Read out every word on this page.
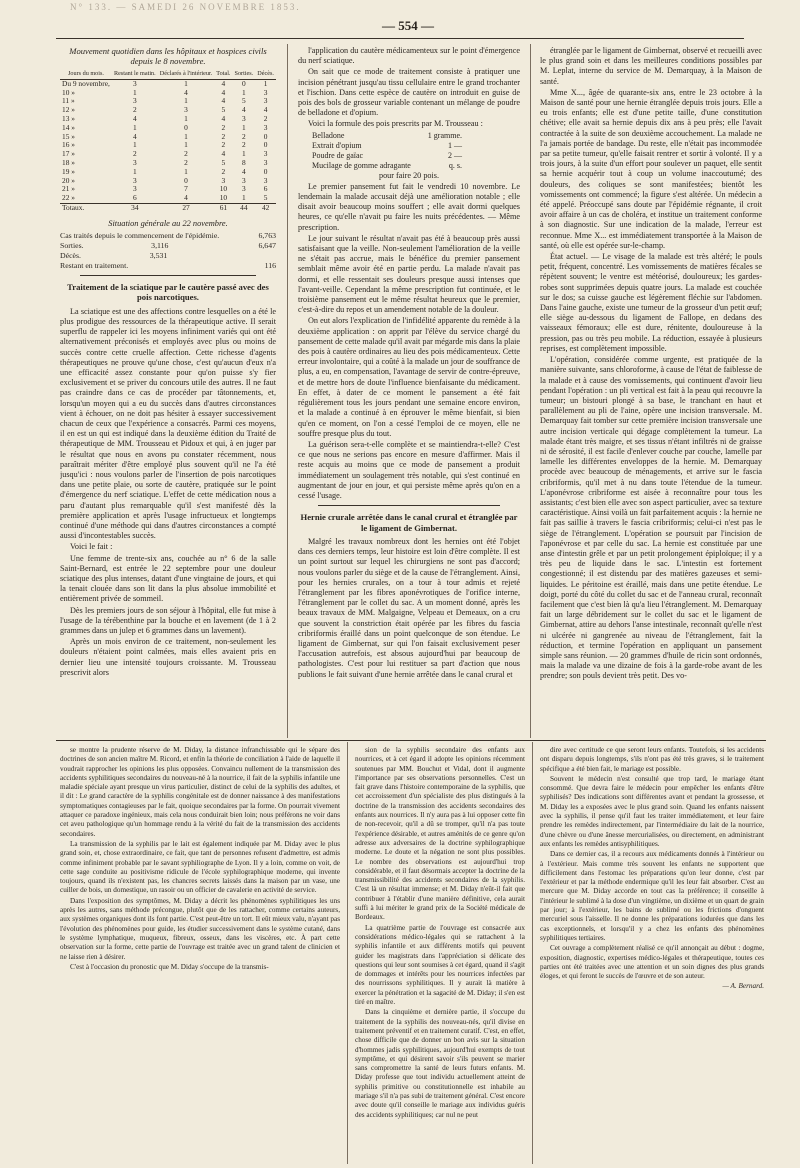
N° 133. — SAMEDI 26 NOVEMBRE 1853.
— 554 —
Mouvement quotidien dans les hôpitaux et hospices civils depuis le 8 novembre.
Jours du mois.	Restant le matin.	Déclarés à l'intérieur.	Total.	Sorties.	Décès.
Du 9 novembre,	3	1	4	0	1
10 »	1	4	4	1	3
11 »	3	1	4	5	3
12 »	2	3	5	4	4
13 »	4	1	4	3	2
14 »	1	0	2	1	3
15 »	4	1	2	2	0
16 »	1	1	2	2	0
17 »	2	2	4	1	3
18 »	3	2	5	8	3
19 »	1	1	2	4	0
20 »	3	0	3	3	3
21 »	3	7	10	3	6
22 »	6	4	10	1	5
Totaux.	34	27	61	44	42
Situation générale au 22 novembre.
Cas traités depuis le commencement de l'épidémie.	6,763
Sorties.	3,116	6,647
Décès.	3,531
Restant en traitement.	116
Traitement de la sciatique par le cautère passé avec des pois narcotiques.

La sciatique est une des affections contre lesquelles on a été le plus prodigue des ressources de la thérapeutique active. Il serait superflu de rappeler ici les moyens infiniment variés qui ont été alternativement préconisés et employés avec plus ou moins de succès contre cette cruelle affection. Cette richesse d'agents thérapeutiques ne prouve qu'une chose, c'est qu'aucun d'eux n'a une efficacité assez constante pour qu'on puisse s'y fier exclusivement et se priver du concours utile des autres. Il ne faut pas craindre dans ce cas de procéder par tâtonnements, et, lorsqu'un moyen qui a eu du succès dans d'autres circonstances vient à échouer, on ne doit pas hésiter à essayer successivement chacun de ceux que l'expérience a consacrés. Parmi ces moyens, il en est un qui est indiqué dans la deuxième édition du Traité de thérapeutique de MM. Trousseau et Pidoux et qui, à en juger par le résultat que nous en avons pu constater récemment, nous paraîtrait mériter d'être employé plus souvent qu'il ne l'a été jusqu'ici : nous voulons parler de l'insertion de pois narcotiques dans une petite plaie, ou sorte de cautère, pratiquée sur le point d'émergence du nerf sciatique. L'effet de cette médication nous a paru d'autant plus remarquable qu'il s'est manifesté dès la première application et après l'usage infructueux et longtemps continué d'une méthode qui dans d'autres circonstances a compté aussi d'incontestables succès.

Voici le fait :

Une femme de trente-six ans, couchée au n° 6 de la salle Saint-Bernard, est entrée le 22 septembre pour une douleur sciatique des plus intenses, datant d'une vingtaine de jours, et qui la tenait clouée dans son lit dans la plus absolue immobilité et entièrement privée de sommeil.

Dès les premiers jours de son séjour à l'hôpital, elle fut mise à l'usage de la térébenthine par la bouche et en lavement (de 1 à 2 grammes dans un julep et 6 grammes dans un lavement).

Après un mois environ de ce traitement, non-seulement les douleurs n'étaient point calmées, mais elles avaient pris en dernier lieu une intensité toujours croissante. M. Trousseau prescrivit alors

l'application du cautère médicamenteux sur le point d'émergence du nerf sciatique.

On sait que ce mode de traitement consiste à pratiquer une incision pénétrant jusqu'au tissu cellulaire entre le grand trochanter et l'ischion. Dans cette espèce de cautère on introduit en guise de pois des bols de grosseur variable contenant un mélange de poudre de belladone et d'opium.

Voici la formule des pois prescrits par M. Trousseau :

Belladone	1 gramme.
Extrait d'opium	1 —
Poudre de gaïac	2 —
Mucilage de gomme adragante	q. s.

pour faire 20 pois.

Le premier pansement fut fait le vendredi 10 novembre. Le lendemain la malade accusait déjà une amélioration notable ; elle disait avoir beaucoup moins souffert ; elle avait dormi quelques heures, ce qu'elle n'avait pu faire les nuits précédentes. — Même prescription.

Le jour suivant le résultat n'avait pas été à beaucoup près aussi satisfaisant que la veille. Non-seulement l'amélioration de la veille ne s'était pas accrue, mais le bénéfice du premier pansement semblait même avoir été en partie perdu. La malade n'avait pas dormi, et elle ressentait ses douleurs presque aussi intenses que l'avant-veille. Cependant la même prescription fut continuée, et le troisième pansement eut le même résultat heureux que le premier, c'est-à-dire du repos et un amendement notable de la douleur.

On eut alors l'explication de l'infidélité apparente du remède à la deuxième application : on apprit par l'élève du service chargé du pansement de cette malade qu'il avait par mégarde mis dans la plaie des pois à cautère ordinaires au lieu des pois médicamenteux. Cette erreur involontaire, qui a coûté à la malade un jour de souffrance de plus, a eu, en compensation, l'avantage de servir de contre-épreuve, et de mettre hors de doute l'influence bienfaisante du médicament. En effet, à dater de ce moment le pansement a été fait régulièrement tous les jours pendant une semaine encore environ, et la malade a continué à en éprouver le même bienfait, si bien qu'en ce moment, on l'on a cessé l'emploi de ce moyen, elle ne souffre presque plus du tout.

La guérison sera-t-elle complète et se maintiendra-t-elle? C'est ce que nous ne serions pas encore en mesure d'affirmer. Mais il reste acquis au moins que ce mode de pansement a produit immédiatement un soulagement très notable, qui s'est continué en augmentant de jour en jour, et qui persiste même après qu'on en a cessé l'usage.

Hernie crurale arrêtée dans le canal crural et étranglée par le ligament de Gimbernat.

Malgré les travaux nombreux dont les hernies ont été l'objet dans ces derniers temps, leur histoire est loin d'être complète. Il est un point surtout sur lequel les chirurgiens ne sont pas d'accord; nous voulons parler du siège et de la cause de l'étranglement. Ainsi, pour les hernies crurales, on a tour à tour admis et rejeté l'étranglement par les fibres aponévrotiques de l'orifice interne, l'étranglement par le collet du sac. A un moment donné, après les beaux travaux de MM. Malgaigne, Velpeau et Demeaux, on a cru que souvent la constriction était opérée par les fibres du fascia cribriformis éraillé dans un point quelconque de son étendue. Le ligament de Gimbernat, sur qui l'on faisait exclusivement peser l'accusation autrefois, est absous aujourd'hui par beaucoup de pathologistes. C'est pour lui restituer sa part d'action que nous publions le fait suivant d'une hernie arrêtée dans le canal crural et

étranglée par le ligament de Gimbernat, observé et recueilli avec le plus grand soin et dans les meilleures conditions possibles par M. Leplat, interne du service de M. Demarquay, à la Maison de santé.

Mme X..., âgée de quarante-six ans, entre le 23 octobre à la Maison de santé pour une hernie étranglée depuis trois jours. Elle a eu trois enfants; elle est d'une petite taille, d'une constitution chétive; elle avait sa hernie depuis dix ans à peu près; elle l'avait contractée à la suite de son deuxième accouchement. La malade ne l'a jamais portée de bandage. Du reste, elle n'était pas incommodée par sa petite tumeur, qu'elle faisait rentrer et sortir à volonté. Il y a trois jours, à la suite d'un effort pour soulever un paquet, elle sentit sa hernie acquérir tout à coup un volume inaccoutumé; des douleurs, des coliques se sont manifestées; bientôt les vomissements ont commencé; la figure s'est altérée. Un médecin a été appelé. Préoccupé sans doute par l'épidémie régnante, il croit avoir affaire à un cas de choléra, et institue un traitement conforme à son diagnostic. Sur une indication de la malade, l'erreur est reconnue. Mme X... est immédiatement transportée à la Maison de santé, où elle est opérée sur-le-champ.

État actuel. — Le visage de la malade est très altéré; le pouls petit, fréquent, concentré. Les vomissements de matières fécales se répètent souvent; le ventre est météorisé, douloureux; les gardes-robes sont supprimées depuis quatre jours. La malade est couchée sur le dos; sa cuisse gauche est légèrement fléchie sur l'abdomen. Dans l'aine gauche, existe une tumeur de la grosseur d'un petit œuf; elle siège au-dessous du ligament de Fallope, en dedans des vaisseaux fémoraux; elle est dure, rénitente, douloureuse à la pression, pas ou très peu mobile. La réduction, essayée à plusieurs reprises, est complètement impossible.

L'opération, considérée comme urgente, est pratiquée de la manière suivante, sans chloroforme, à cause de l'état de faiblesse de la malade et à cause des vomissements, qui continuent d'avoir lieu pendant l'opération : un pli vertical est fait à la peau qui recouvre la tumeur; un bistouri plongé à sa base, le tranchant en haut et parallèlement au pli de l'aine, opère une incision transversale. M. Demarquay fait tomber sur cette première incision transversale une autre incision verticale qui dégage complètement la tumeur. La malade étant très maigre, et ses tissus n'étant infiltrés ni de graisse ni de sérosité, il est facile d'enlever couche par couche, lamelle par lamelle les différentes enveloppes de la hernie. M. Demarquay procède avec beaucoup de ménagements, et arrive sur le fascia cribriformis, qu'il met à nu dans toute l'étendue de la tumeur. L'aponévrose cribriforme est aisée à reconnaître pour tous les assistants; c'est bien elle avec son aspect particulier, avec sa texture caractéristique. Ainsi voilà un fait parfaitement acquis : la hernie ne fait pas saillie à travers le fascia cribriformis; celui-ci n'est pas le siège de l'étranglement. L'opération se poursuit par l'incision de l'aponévrose et par celle du sac. La hernie est constituée par une anse d'intestin grêle et par un petit prolongement épiploïque; il y a très peu de liquide dans le sac. L'intestin est fortement congestionné; il est distendu par des matières gazeuses et semi-liquides. Le péritoine est éraillé, mais dans une petite étendue. Le doigt, porté du côté du collet du sac et de l'anneau crural, reconnaît facilement que c'est bien là qu'a lieu l'étranglement. M. Demarquay fait un large débridement sur le collet du sac et le ligament de Gimbernat, attire au dehors l'anse intestinale, reconnaît qu'elle n'est ni ulcérée ni gangrenée au niveau de l'étranglement, fait la réduction, et termine l'opération en appliquant un pansement simple sans réunion. — 20 grammes d'huile de ricin sont ordonnés, mais la malade va une dizaine de fois à la garde-robe avant de les prendre; son pouls devient très petit. Des vo-

se montre la prudente réserve de M. Diday, la distance infranchissable qui le sépare des doctrines de son ancien maître M. Ricord, et enfin la théorie de conciliation à l'aide de laquelle il voudrait rapprocher les opinions les plus opposées. Convaincu nullement de la transmission des accidents syphilitiques secondaires du nouveau-né à la nourrice, il fait de la syphilis infantile une maladie spéciale ayant presque un virus particulier, distinct de celui de la syphilis des adultes, et il dit : Le grand caractère de la syphilis congénitale est de donner naissance à des manifestations symptomatiques contagieuses par le fait, quoique secondaires par la forme. On pourrait vivement attaquer ce paradoxe ingénieux, mais cela nous conduirait bien loin; nous préférons ne voir dans cet aveu pathologique qu'un hommage rendu à la vérité du fait de la transmission des accidents secondaires.

La transmission de la syphilis par le lait est également indiquée par M. Diday avec le plus grand soin, et, chose extraordinaire, ce fait, que tant de personnes refusent d'admettre, est admis comme infiniment probable par le savant syphiliographe de Lyon. Il y a loin, comme on voit, de cette sage conduite au positivisme ridicule de l'école syphilographique moderne, qui invente toujours, quand ils n'existent pas, les chancres secrets laissés dans la maison par un vase, une cuiller de bois, un domestique, un rasoir ou un officier de cavalerie en activité de service.

Dans l'exposition des symptômes, M. Diday a décrit les phénomènes syphilitiques les uns après les autres, sans méthode précongue, plutôt que de les rattacher, comme certains auteurs, aux systèmes organiques dont ils font partie. C'est peut-être un tort. Il eût mieux valu, n'ayant pas l'évolution des phénomènes pour guide, les étudier successivement dans le système cutané, dans le système lymphatique, muqueux, fibreux, osseux, dans les viscères, etc. À part cette observation sur la forme, cette partie de l'ouvrage est traitée avec un grand talent de clinicien et ne laisse rien à désirer.

C'est à l'occasion du pronostic que M. Diday s'occupe de la transmis-

sion de la syphilis secondaire des enfants aux nourrices, et à cet égard il adopte les opinions récemment soutenues par MM. Bouchut et Vidal, dont il augmente l'importance par ses observations personnelles. C'est un fait grave dans l'histoire contemporaine de la syphilis, que cet accroissement d'un spécialiste des plus distingués à la doctrine de la transmission des accidents secondaires des enfants aux nourrices. Il n'y aura pas à lui opposer cette fin de non-recevoir, qu'il a dû se tromper, qu'il n'a pas toute l'expérience désirable, et autres aménités de ce genre qu'on adresse aux adversaires de la doctrine syphilographique moderne. Le doute et la négation ne sont plus possibles. Le nombre des observations est aujourd'hui trop considérable, et il faut désormais accepter la doctrine de la transmissibilité des accidents secondaires de la syphilis. C'est là un résultat immense; et M. Diday n'eût-il fait que contribuer à l'établir d'une manière définitive, cela aurait suffi à lui mériter le grand prix de la Société médicale de Bordeaux.

La quatrième partie de l'ouvrage est consacrée aux considérations médico-légales qui se rattachent à la syphilis infantile et aux différents motifs qui peuvent guider les magistrats dans l'appréciation si délicate des questions qui leur sont soumises à cet égard, quand il s'agit de dommages et intérêts pour les nourrices infectées par des nourrissons syphilitiques. Il y aurait là matière à exercer la pénétration et la sagacité de M. Diday; il s'en est tiré en maître.

Dans la cinquième et dernière partie, il s'occupe du traitement de la syphilis des nouveau-nés, qu'il divise en traitement préventif et en traitement curatif. C'est, en effet, chose difficile que de donner un bon avis sur la situation d'hommes jadis syphilitiques, aujourd'hui exempts de tout symptôme, et qui désirent savoir s'ils peuvent se marier sans compromettre la santé de leurs futurs enfants. M. Diday professe que tout individu actuellement atteint de syphilis primitive ou constitutionnelle est inhabile au mariage s'il n'a pas subi de traitement général. C'est encore avec doute qu'il conseille le mariage aux individus guéris des accidents syphilitiques; car nul ne peut

dire avec certitude ce que seront leurs enfants. Toutefois, si les accidents ont disparu depuis longtemps, s'ils n'ont pas été très graves, si le traitement spécifique a été bien fait, le mariage est possible.

Souvent le médecin n'est consulté que trop tard, le mariage étant consommé. Que devra faire le médecin pour empêcher les enfants d'être syphilisés? Des indications sont différentes avant et pendant la grossesse, et M. Diday les a exposées avec le plus grand soin. Quand les enfants naissent avec la syphilis, il pense qu'il faut les traiter immédiatement, et leur faire prendre les remèdes indirectement, par l'intermédiaire du lait de la nourrice, d'une chèvre ou d'une ânesse mercurialisées, ou directement, en administrant aux enfants les remèdes antisyphilitiques.

Dans ce dernier cas, il a recours aux médicaments donnés à l'intérieur ou à l'extérieur. Mais comme très souvent les enfants ne supportent que difficilement dans l'estomac les préparations qu'on leur donne, c'est par l'extérieur et par la méthode endermique qu'il les leur fait absorber. C'est au mercure que M. Diday accorde en tout cas la préférence; il conseille à l'intérieur le sublimé à la dose d'un vingtième, un dixième et un quart de grain par jour; à l'extérieur, les bains de sublimé ou les frictions d'onguent mercuriel sous l'aisselle. Il ne donne les préparations iodurées que dans les cas exceptionnels, et lorsqu'il y a chez les enfants des phénomènes syphilitiques tertiaires.

Cet ouvrage a complètement réalisé ce qu'il annonçait au début : dogme, exposition, diagnostic, expertises médico-légales et thérapeutique, toutes ces parties ont été traitées avec une attention et un soin dignes des plus grands éloges, et qui feront le succès de l'œuvre et de son auteur.

— A. Bernard.
